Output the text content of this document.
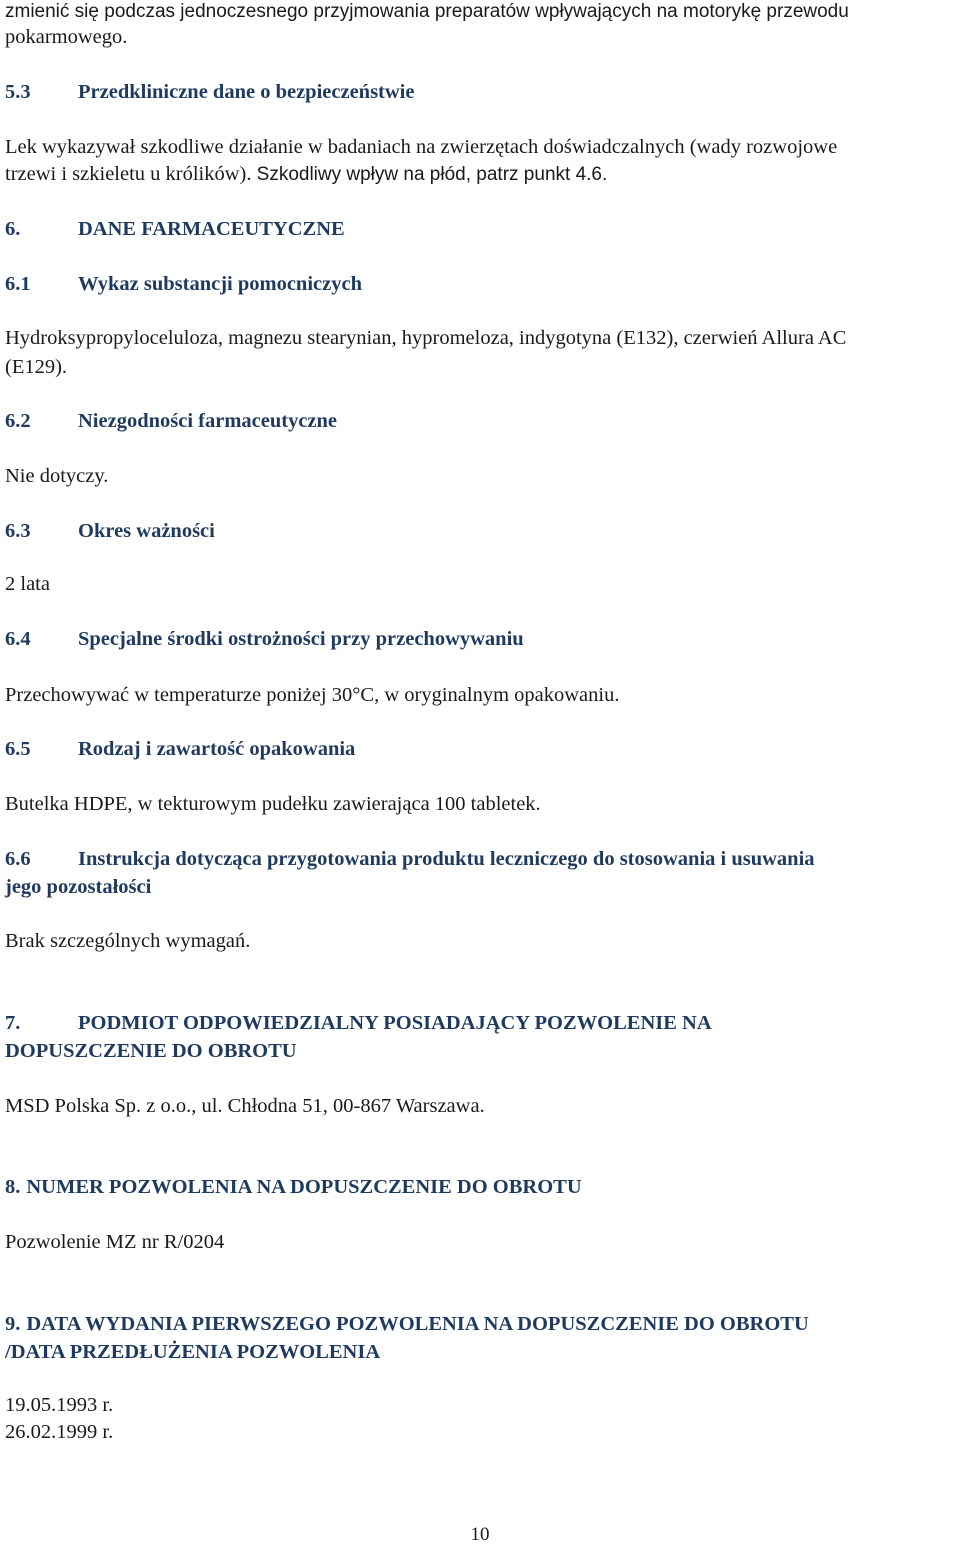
zmienić się podczas jednoczesnego przyjmowania preparatów wpływających na motorykę przewodu
pokarmowego.
5.3 Przedkliniczne dane o bezpieczeństwie
Lek wykazywał szkodliwe działanie w badaniach na zwierzętach doświadczalnych (wady rozwojowe
trzewi i szkieletu u królików). Szkodliwy wpływ na płód, patrz punkt 4.6.
6.	DANE FARMACEUTYCZNE
6.1 Wykaz substancji pomocniczych
Hydroksypropyloceluloza, magnezu stearynian, hypromeloza, indygotyna (E132), czerwień Allura AC
(E129).
6.2 Niezgodności farmaceutyczne
Nie dotyczy.
6.3 Okres ważności
2 lata
6.4 Specjalne środki ostrożności przy przechowywaniu
Przechowywać w temperaturze poniżej 30°C, w oryginalnym opakowaniu.
6.5 Rodzaj i zawartość opakowania
Butelka HDPE, w tekturowym pudełku zawierająca 100 tabletek.
6.6 Instrukcja dotycząca przygotowania produktu leczniczego do stosowania i usuwania
jego pozostałości
Brak szczególnych wymagań.
7.	PODMIOT ODPOWIEDZIALNY POSIADAJĄCY POZWOLENIE NA
DOPUSZCZENIE DO OBROTU
MSD Polska Sp. z o.o., ul. Chłodna 51, 00-867 Warszawa.
8. NUMER POZWOLENIA NA DOPUSZCZENIE DO OBROTU
Pozwolenie MZ nr R/0204
9. DATA WYDANIA PIERWSZEGO POZWOLENIA NA DOPUSZCZENIE DO OBROTU
/DATA PRZEDŁUŻENIA POZWOLENIA
19.05.1993 r.
26.02.1999 r.
10
